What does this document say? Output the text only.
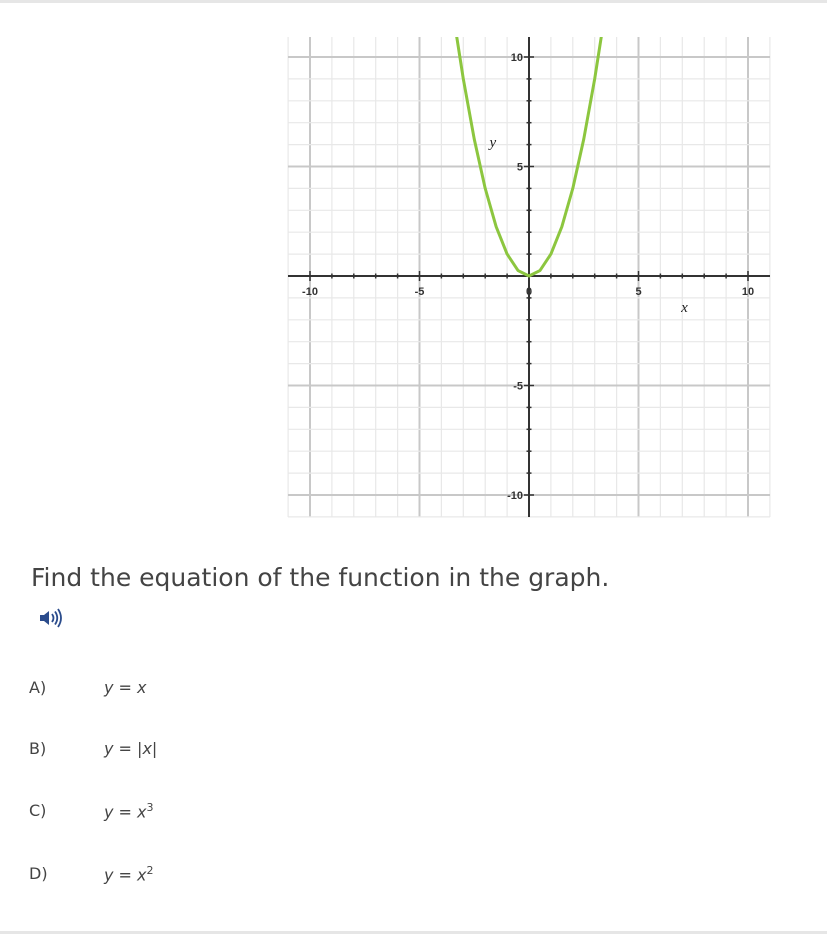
-10	-5	0	5	10
10
5
-5
-10
x
y
Find the equation of the function in the graph.
A)	y = x
B)	y = |x|
C)	$y = x^3$
D)	$y = x^2$
